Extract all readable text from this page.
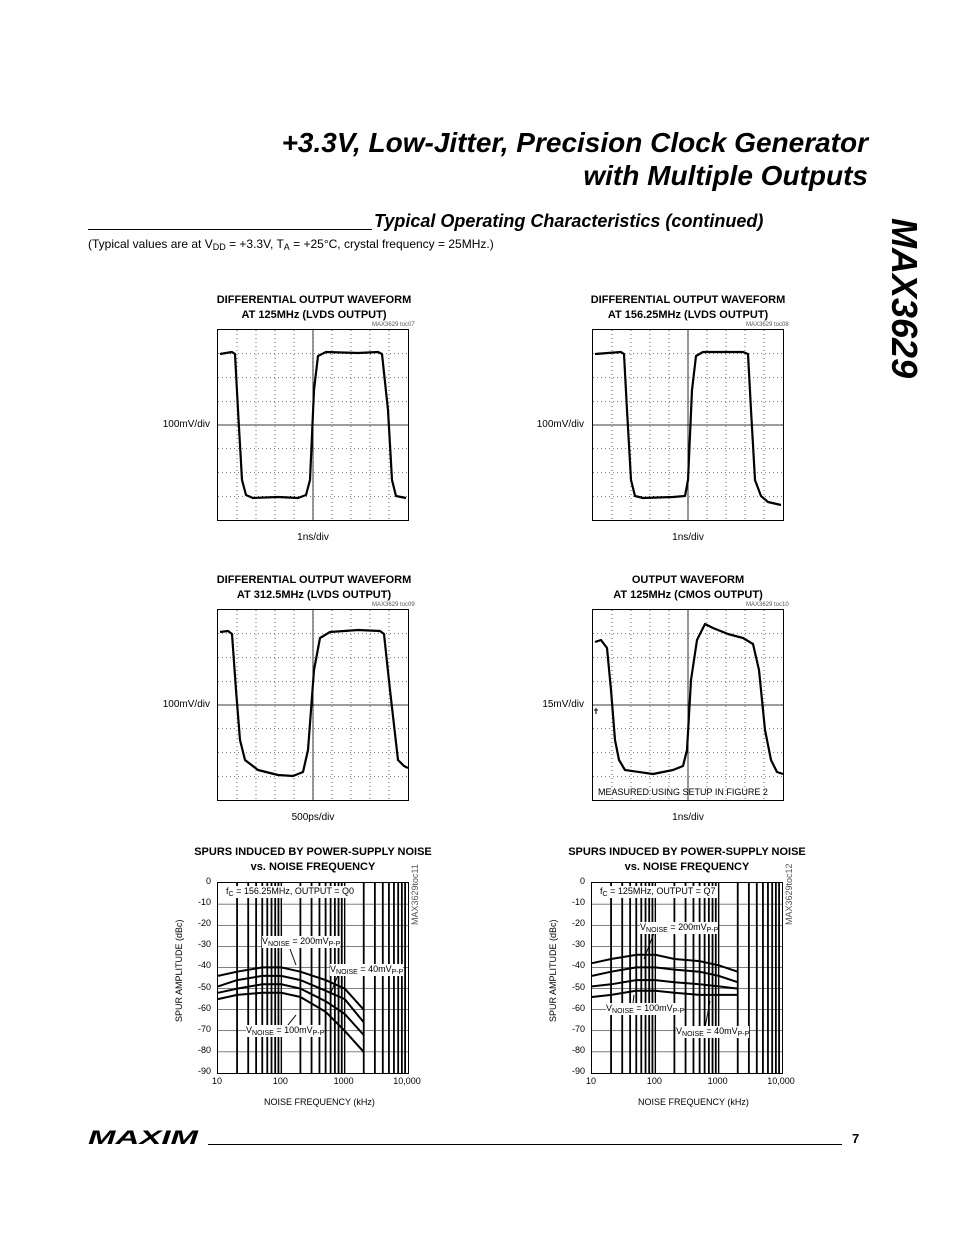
+3.3V, Low-Jitter, Precision Clock Generator
with Multiple Outputs
Typical Operating Characteristics (continued)
(Typical values are at $V_{DD} = +3.3V$, $T_A = +25^\circ C$, crystal frequency = 25MHz.)	MAX3629
DIFFERENTIAL OUTPUT WAVEFORM
AT 125MHz (LVDS OUTPUT)
MAX3629 toc07
100mV/div
1ns/div
DIFFERENTIAL OUTPUT WAVEFORM
AT 156.25MHz (LVDS OUTPUT)
MAX3629 toc08
100mV/div
1ns/div
DIFFERENTIAL OUTPUT WAVEFORM
AT 312.5MHz (LVDS OUTPUT)
MAX3629 toc09
100mV/div
500ps/div
OUTPUT WAVEFORM
AT 125MHz (CMOS OUTPUT)
MAX3629 toc10
MEASURED USING SETUP IN FIGURE 2
15mV/div
1ns/div
SPURS INDUCED BY POWER-SUPPLY NOISE
vs. NOISE FREQUENCY
0
-10
-20
-30
-40
-50
-60
-70
-80
-90
10	100	1000	10,000
NOISE FREQUENCY (kHz)
SPUR AMPLITUDE (dBc)
MAX3629toc11
$f_C = 156.25MHz$, OUTPUT = Q0
$V_{NOISE} = 200mV_{P-P}$
$V_{NOISE} = 40mV_{P-P}$
$V_{NOISE} = 100mV_{P-P}$
SPURS INDUCED BY POWER-SUPPLY NOISE
vs. NOISE FREQUENCY
0
-10
-20
-30
-40
-50
-60
-70
-80
-90
10	100	1000	10,000
NOISE FREQUENCY (kHz)
SPUR AMPLITUDE (dBc)
MAX3629toc12
$f_C = 125MHz$, OUTPUT = Q7
$V_{NOISE} = 200mV_{P-P}$
$V_{NOISE} = 100mV_{P-P}$
$V_{NOISE} = 40mV_{P-P}$
MAXIM	7
